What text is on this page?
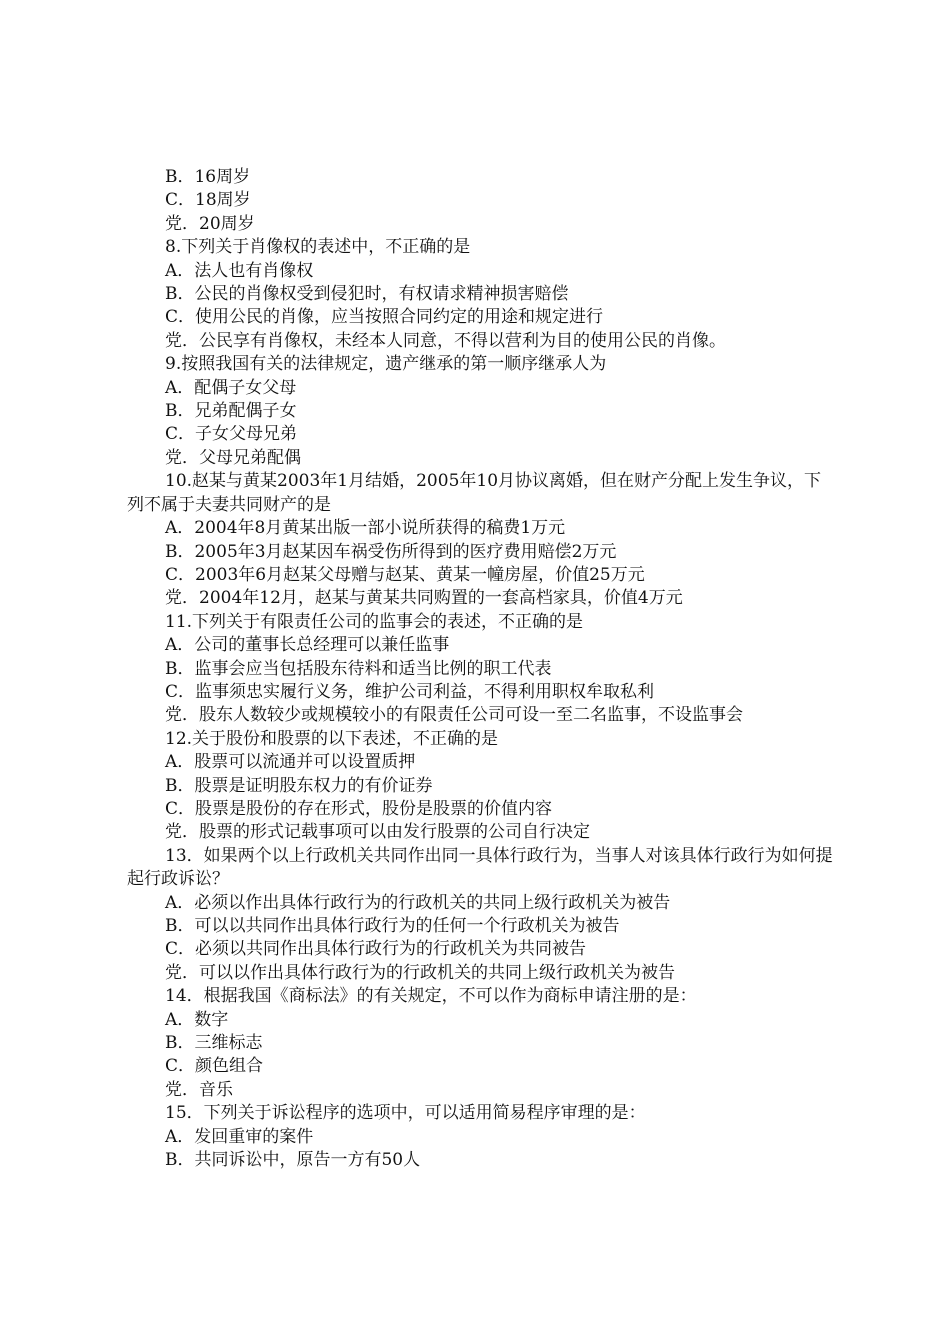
B．16周岁
C．18周岁
党．20周岁
8.下列关于肖像权的表述中，不正确的是
A．法人也有肖像权
B．公民的肖像权受到侵犯时，有权请求精神损害赔偿
C．使用公民的肖像，应当按照合同约定的用途和规定进行
党．公民享有肖像权，未经本人同意，不得以营利为目的使用公民的肖像。
9.按照我国有关的法律规定，遗产继承的第一顺序继承人为
A．配偶子女父母
B．兄弟配偶子女
C．子女父母兄弟
党．父母兄弟配偶
10.赵某与黄某2003年1月结婚，2005年10月协议离婚，但在财产分配上发生争议，下列不属于夫妻共同财产的是
A．2004年8月黄某出版一部小说所获得的稿费1万元
B．2005年3月赵某因车祸受伤所得到的医疗费用赔偿2万元
C．2003年6月赵某父母赠与赵某、黄某一幢房屋，价值25万元
党．2004年12月，赵某与黄某共同购置的一套高档家具，价值4万元
11.下列关于有限责任公司的监事会的表述，不正确的是
A．公司的董事长总经理可以兼任监事
B．监事会应当包括股东待料和适当比例的职工代表
C．监事须忠实履行义务，维护公司利益，不得利用职权牟取私利
党．股东人数较少或规模较小的有限责任公司可设一至二名监事，不设监事会
12.关于股份和股票的以下表述，不正确的是
A．股票可以流通并可以设置质押
B．股票是证明股东权力的有价证券
C．股票是股份的存在形式，股份是股票的价值内容
党．股票的形式记载事项可以由发行股票的公司自行决定
13．如果两个以上行政机关共同作出同一具体行政行为，当事人对该具体行政行为如何提起行政诉讼？
A．必须以作出具体行政行为的行政机关的共同上级行政机关为被告
B．可以以共同作出具体行政行为的任何一个行政机关为被告
C．必须以共同作出具体行政行为的行政机关为共同被告
党．可以以作出具体行政行为的行政机关的共同上级行政机关为被告
14．根据我国《商标法》的有关规定，不可以作为商标申请注册的是：
A．数字
B．三维标志
C．颜色组合
党．音乐
15．下列关于诉讼程序的选项中，可以适用简易程序审理的是：
A．发回重审的案件
B．共同诉讼中，原告一方有50人
